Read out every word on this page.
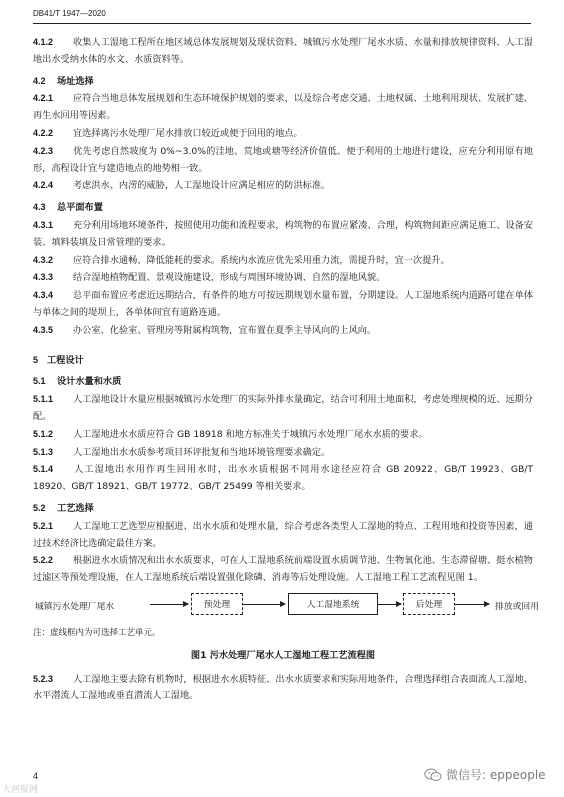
DB41/T 1947—2020
4.1.2 收集人工湿地工程所在地区域总体发展规划及现状资料、城镇污水处理厂尾水水质、水量和排放规律资料、人工湿地出水受纳水体的水文、水质资料等。
4.2 场址选择
4.2.1 应符合当地总体发展规划和生态环境保护规划的要求，以及综合考虑交通、土地权属、土地利用现状、发展扩建、再生水回用等因素。
4.2.2 宜选择离污水处理厂尾水排放口较近或便于回用的地点。
4.2.3 优先考虑自然坡度为 0%~3.0%的洼地、荒地或塘等经济价值低、便于利用的土地进行建设，应充分利用原有地形，高程设计宜与建造地点的地势相一致。
4.2.4 考虑洪水、内涝的威胁，人工湿地设计应满足相应的防洪标准。
4.3 总平面布置
4.3.1 充分利用场地环境条件，按照使用功能和流程要求，构筑物的布置应紧凑、合理，构筑物间距应满足施工、设备安装、填料装填及日常管理的要求。
4.3.2 应符合排水通畅、降低能耗的要求。系统内水流应优先采用重力流，需提升时，宜一次提升。
4.3.3 结合湿地植物配置、景观设施建设，形成与周围环境协调、自然的湿地风貌。
4.3.4 总平面布置应考虑近远期结合，有条件的地方可按远期规划水量布置，分期建设。人工湿地系统内道路可建在单体与单体之间的堤坝上，各单体间宜有道路连通。
4.3.5 办公室、化验室、管理房等附属构筑物，宜布置在夏季主导风向的上风向。
5 工程设计
5.1 设计水量和水质
5.1.1 人工湿地设计水量应根据城镇污水处理厂的实际外排水量确定，结合可利用土地面积，考虑处理规模的近、远期分配。
5.1.2 人工湿地进水水质应符合 GB 18918 和地方标准关于城镇污水处理厂尾水水质的要求。
5.1.3 人工湿地出水水质参考项目环评批复和当地环境管理要求确定。
5.1.4 人工湿地出水用作再生回用水时，出水水质根据不同用水途径应符合 GB 20922、GB/T 19923、GB/T 18920、GB/T 18921、GB/T 19772、GB/T 25499 等相关要求。
5.2 工艺选择
5.2.1 人工湿地工艺选型应根据进、出水水质和处理水量，综合考虑各类型人工湿地的特点、工程用地和投资等因素，通过技术经济比选确定最佳方案。
5.2.2 根据进水水质情况和出水水质要求，可在人工湿地系统前端设置水质调节池、生物氧化池、生态滞留塘、挺水植物过滤区等预处理设施，在人工湿地系统后端设置强化除磷、消毒等后处理设施。人工湿地工程工艺流程见图 1。
城镇污水处理厂尾水	预处理	人工湿地系统	后处理	排放或回用
注：虚线框内为可选择工艺单元。
图1 污水处理厂尾水人工湿地工程工艺流程图
5.2.3 人工湿地主要去除有机物时，根据进水水质特征、出水水质要求和实际用地条件，合理选择组合表面流人工湿地、水平潜流人工湿地或垂直潜流人工湿地。
4
大河报网
微信号: eppeople
